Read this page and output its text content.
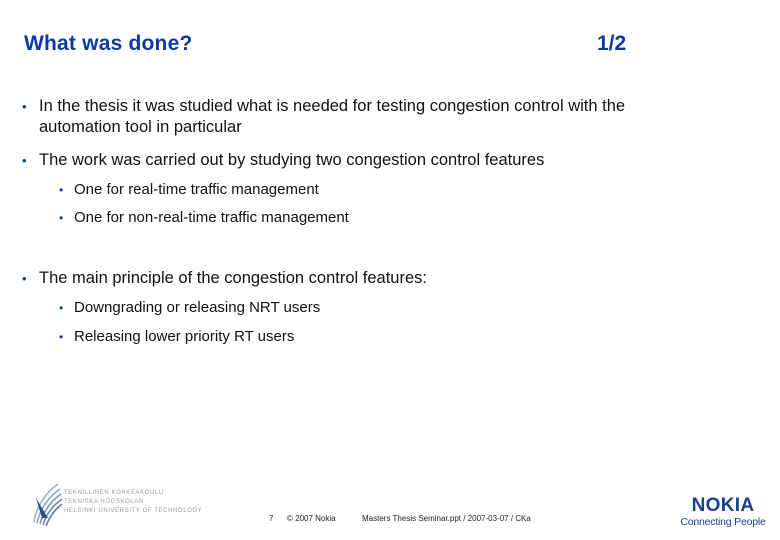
What was done?	1/2
• In the thesis it was studied what is needed for testing congestion control with the
automation tool in particular
• The work was carried out by studying two congestion control features
• One for real-time traffic management
• One for non-real-time traffic management
• The main principle of the congestion control features:
• Downgrading or releasing NRT users
• Releasing lower priority RT users
TEKNILLINEN KORKEAKOULU
TEKNISKA HÖGSKOLAN
HELSINKI UNIVERSITY OF TECHNOLOGY
7 © 2007 Nokia	Masters Thesis Seminar.ppt / 2007-03-07 / CKa
NOKIA
Connecting People
